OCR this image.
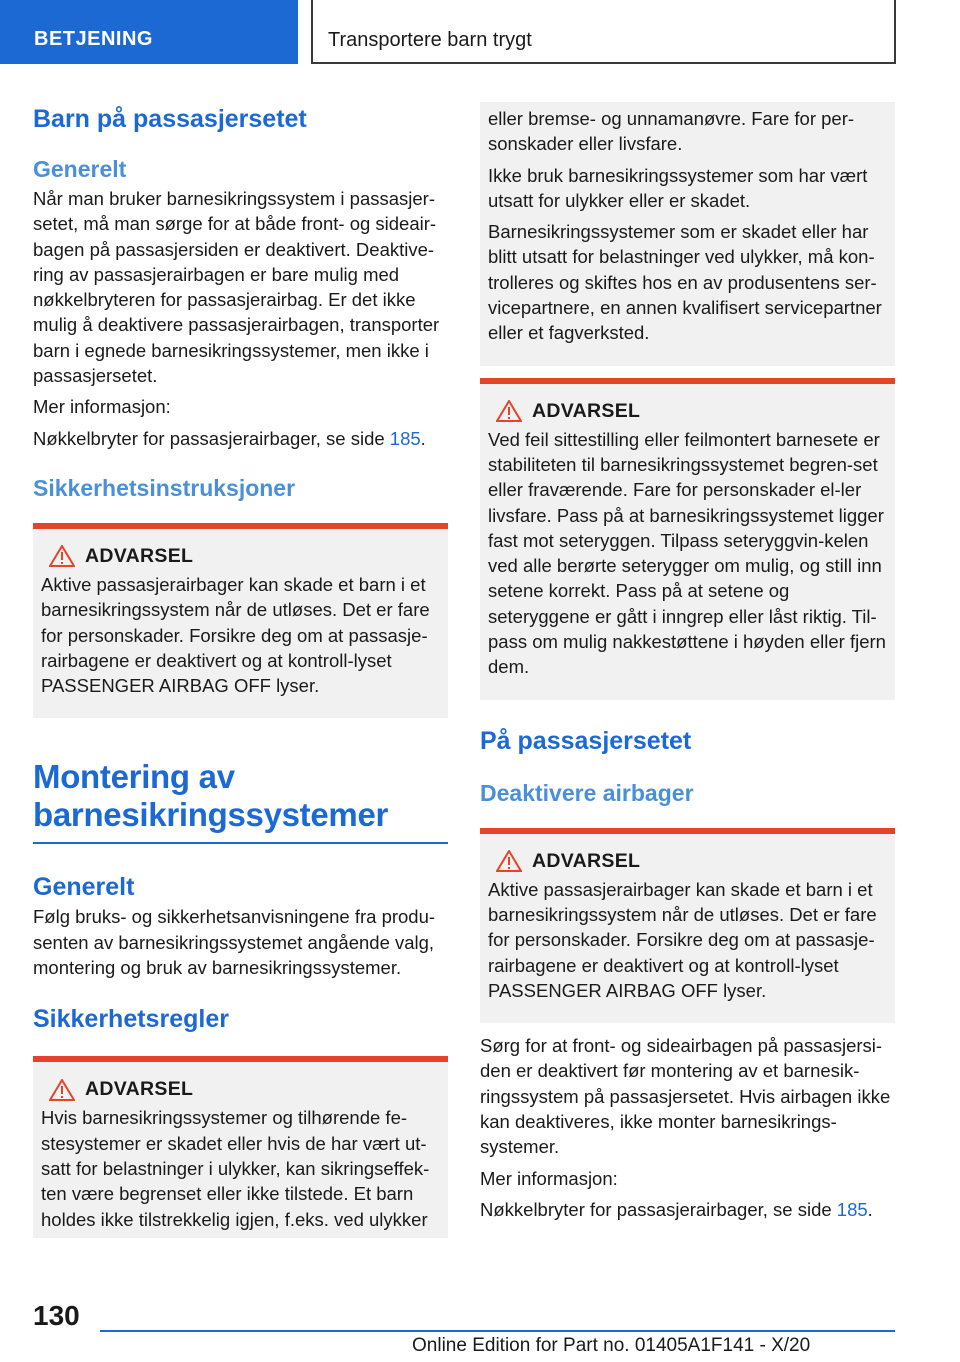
BETJENING	Transportere barn trygt
Barn på passasjersetet
Generelt

Når man bruker barnesikringssystem i passasjer-setet, må man sørge for at både front- og sideair-bagen på passasjersiden er deaktivert. Deaktive-ring av passasjerairbagen er bare mulig med nøkkelbryteren for passasjerairbag. Er det ikke mulig å deaktivere passasjerairbagen, transporter barn i egnede barnesikringssystemer, men ikke i passasjersetet.

Mer informasjon:

Nøkkelbryter for passasjerairbager, se side 185.

Sikkerhetsinstruksjoner
ADVARSEL

Aktive passasjerairbager kan skade et barn i et barnesikringssystem når de utløses. Det er fare for personskader. Forsikre deg om at passasje-rairbagene er deaktivert og at kontroll-lyset PASSENGER AIRBAG OFF lyser.

Montering av
barnesikringssystemer
Generelt

Følg bruks- og sikkerhetsanvisningene fra produ-senten av barnesikringssystemet angående valg, montering og bruk av barnesikringssystemer.

Sikkerhetsregler
ADVARSEL

Hvis barnesikringssystemer og tilhørende fe-stesystemer er skadet eller hvis de har vært ut-satt for belastninger i ulykker, kan sikringseffek-ten være begrenset eller ikke tilstede. Et barn holdes ikke tilstrekkelig igjen, f.eks. ved ulykker

eller bremse- og unnamanøvre. Fare for per-sonskader eller livsfare.

Ikke bruk barnesikringssystemer som har vært utsatt for ulykker eller er skadet.

Barnesikringssystemer som er skadet eller har blitt utsatt for belastninger ved ulykker, må kon-trolleres og skiftes hos en av produsentens ser-vicepartnere, en annen kvalifisert servicepartner eller et fagverksted.

ADVARSEL

Ved feil sittestilling eller feilmontert barnesete er stabiliteten til barnesikringssystemet begren-set eller fraværende. Fare for personskader el-ler livsfare. Pass på at barnesikringssystemet ligger fast mot seteryggen. Tilpass seteryggvin-kelen ved alle berørte seterygger om mulig, og still inn setene korrekt. Pass på at setene og seteryggene er gått i inngrep eller låst riktig. Til-pass om mulig nakkestøttene i høyden eller fjern dem.

På passasjersetet
Deaktivere airbager
ADVARSEL

Aktive passasjerairbager kan skade et barn i et barnesikringssystem når de utløses. Det er fare for personskader. Forsikre deg om at passasje-rairbagene er deaktivert og at kontroll-lyset PASSENGER AIRBAG OFF lyser.

Sørg for at front- og sideairbagen på passasjersi-den er deaktivert før montering av et barnesik-ringssystem på passasjersetet. Hvis airbagen ikke kan deaktiveres, ikke monter barnesikrings-systemer.

Mer informasjon:

Nøkkelbryter for passasjerairbager, se side 185.

130
Online Edition for Part no. 01405A1F141 - X/20
